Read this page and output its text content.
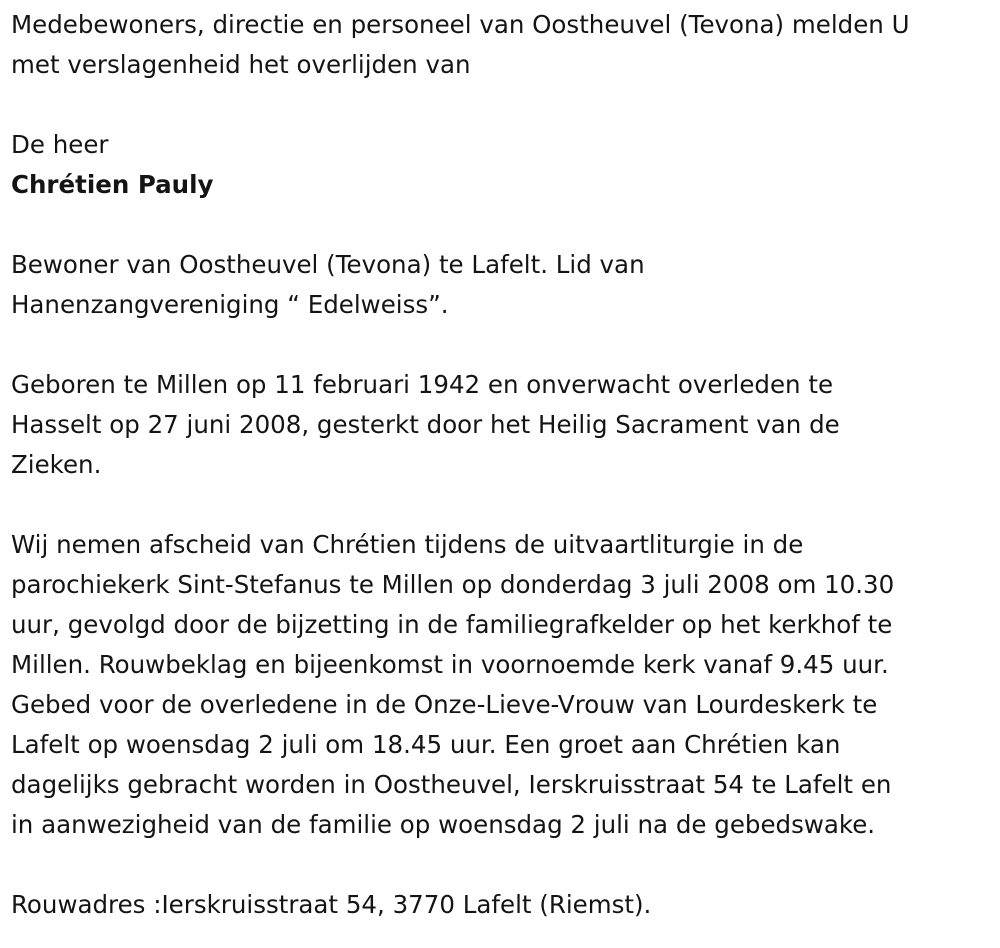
Medebewoners, directie en personeel van Oostheuvel (Tevona) melden U
met verslagenheid het overlijden van
De heer
Chrétien Pauly
Bewoner van Oostheuvel (Tevona) te Lafelt. Lid van
Hanenzangvereniging “ Edelweiss”.
Geboren te Millen op 11 februari 1942 en onverwacht overleden te
Hasselt op 27 juni 2008, gesterkt door het Heilig Sacrament van de
Zieken.
Wij nemen afscheid van Chrétien tijdens de uitvaartliturgie in de
parochiekerk Sint-Stefanus te Millen op donderdag 3 juli 2008 om 10.30
uur, gevolgd door de bijzetting in de familiegrafkelder op het kerkhof te
Millen. Rouwbeklag en bijeenkomst in voornoemde kerk vanaf 9.45 uur.
Gebed voor de overledene in de Onze-Lieve-Vrouw van Lourdeskerk te
Lafelt op woensdag 2 juli om 18.45 uur. Een groet aan Chrétien kan
dagelijks gebracht worden in Oostheuvel, Ierskruisstraat 54 te Lafelt en
in aanwezigheid van de familie op woensdag 2 juli na de gebedswake.
Rouwadres :Ierskruisstraat 54, 3770 Lafelt (Riemst).
